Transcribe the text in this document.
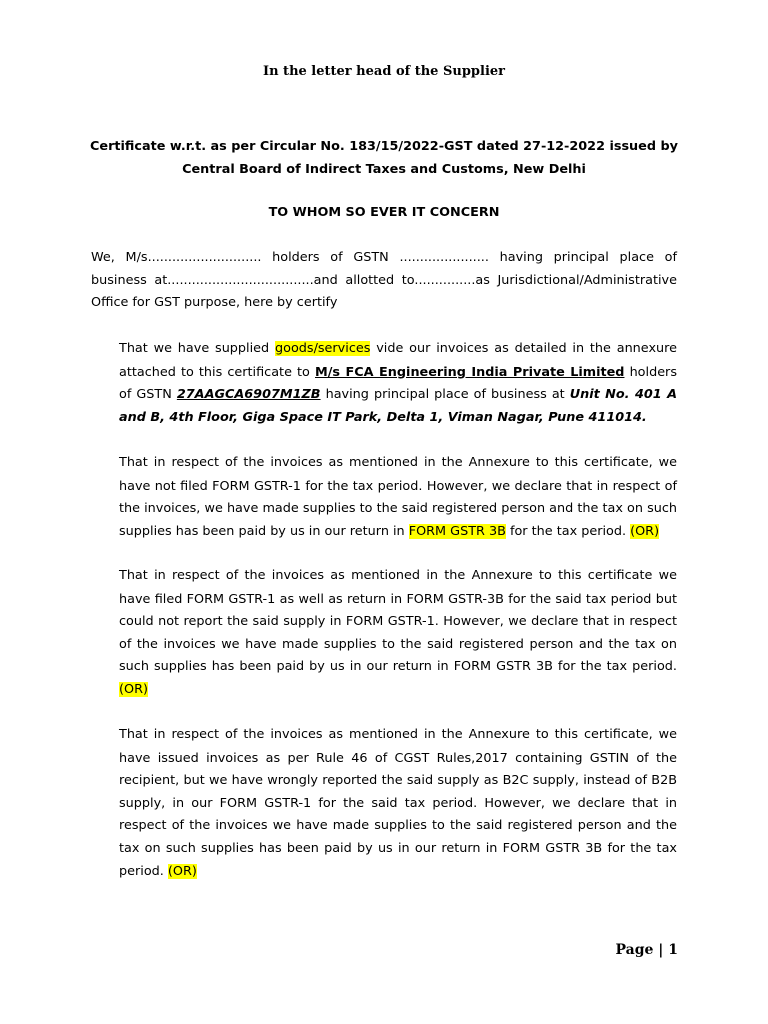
In the letter head of the Supplier
Certificate w.r.t. as per Circular No. 183/15/2022-GST dated 27-12-2022 issued by
Central Board of Indirect Taxes and Customs, New Delhi
TO WHOM SO EVER IT CONCERN
We, M/s............................ holders of GSTN ...................... having principal place of business at....................................and allotted to...............as Jurisdictional/Administrative Office for GST purpose, here by certify
That we have supplied goods/services vide our invoices as detailed in the annexure attached to this certificate to M/s FCA Engineering India Private Limited holders of GSTN 27AAGCA6907M1ZB having principal place of business at Unit No. 401 A and B, 4th Floor, Giga Space IT Park, Delta 1, Viman Nagar, Pune 411014.
That in respect of the invoices as mentioned in the Annexure to this certificate, we have not filed FORM GSTR-1 for the tax period. However, we declare that in respect of the invoices, we have made supplies to the said registered person and the tax on such supplies has been paid by us in our return in FORM GSTR 3B for the tax period. (OR)
That in respect of the invoices as mentioned in the Annexure to this certificate we have filed FORM GSTR-1 as well as return in FORM GSTR-3B for the said tax period but could not report the said supply in FORM GSTR-1. However, we declare that in respect of the invoices we have made supplies to the said registered person and the tax on such supplies has been paid by us in our return in FORM GSTR 3B for the tax period. (OR)
That in respect of the invoices as mentioned in the Annexure to this certificate, we have issued invoices as per Rule 46 of CGST Rules,2017 containing GSTIN of the recipient, but we have wrongly reported the said supply as B2C supply, instead of B2B supply, in our FORM GSTR-1 for the said tax period. However, we declare that in respect of the invoices we have made supplies to the said registered person and the tax on such supplies has been paid by us in our return in FORM GSTR 3B for the tax period. (OR)
Page | 1
